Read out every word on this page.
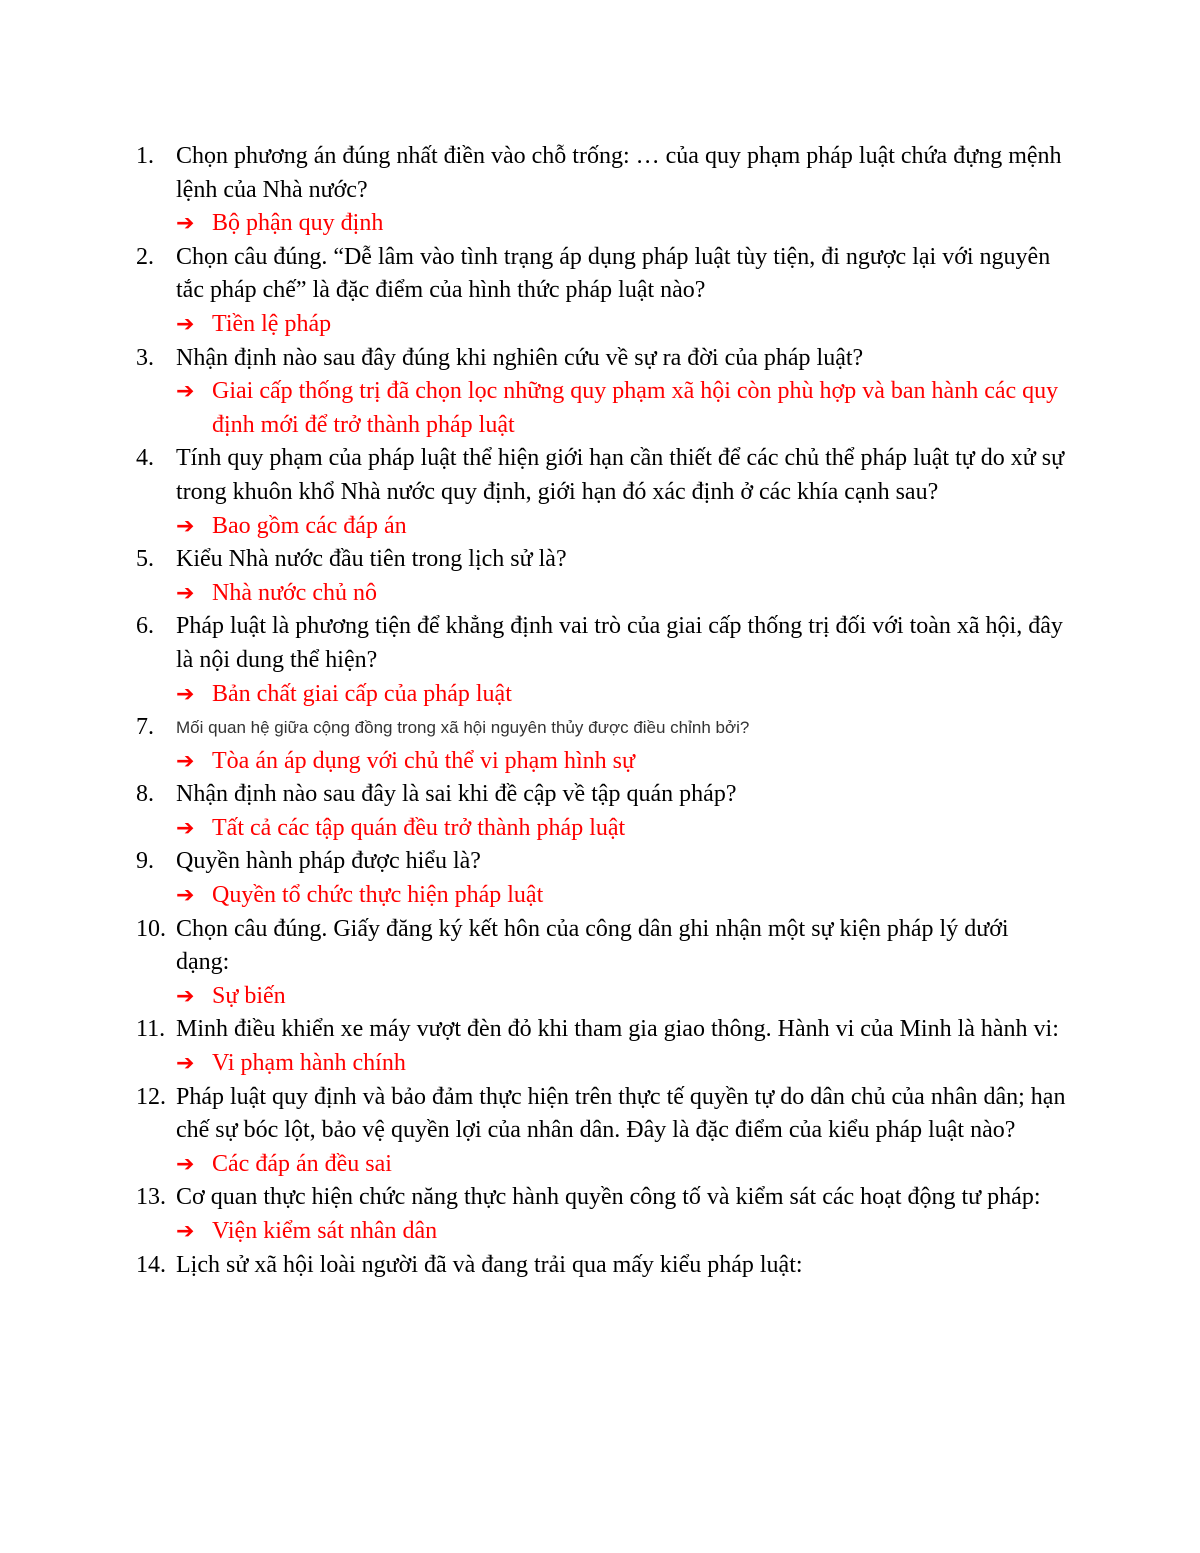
1. Chọn phương án đúng nhất điền vào chỗ trống: … của quy phạm pháp luật chứa đựng mệnh lệnh của Nhà nước?
➔ Bộ phận quy định
2. Chọn câu đúng. “Dễ lâm vào tình trạng áp dụng pháp luật tùy tiện, đi ngược lại với nguyên tắc pháp chế” là đặc điểm của hình thức pháp luật nào?
➔ Tiền lệ pháp
3. Nhận định nào sau đây đúng khi nghiên cứu về sự ra đời của pháp luật?
➔ Giai cấp thống trị đã chọn lọc những quy phạm xã hội còn phù hợp và ban hành các quy định mới để trở thành pháp luật
4. Tính quy phạm của pháp luật thể hiện giới hạn cần thiết để các chủ thể pháp luật tự do xử sự trong khuôn khổ Nhà nước quy định, giới hạn đó xác định ở các khía cạnh sau?
➔ Bao gồm các đáp án
5. Kiểu Nhà nước đầu tiên trong lịch sử là?
➔ Nhà nước chủ nô
6. Pháp luật là phương tiện để khẳng định vai trò của giai cấp thống trị đối với toàn xã hội, đây là nội dung thể hiện?
➔ Bản chất giai cấp của pháp luật
7.	Mối quan hệ giữa cộng đồng trong xã hội nguyên thủy được điều chỉnh bởi?
➔ Tòa án áp dụng với chủ thể vi phạm hình sự
8. Nhận định nào sau đây là sai khi đề cập về tập quán pháp?
➔ Tất cả các tập quán đều trở thành pháp luật
9. Quyền hành pháp được hiểu là?
➔ Quyền tổ chức thực hiện pháp luật
10. Chọn câu đúng. Giấy đăng ký kết hôn của công dân ghi nhận một sự kiện pháp lý dưới dạng:
➔ Sự biến
11. Minh điều khiển xe máy vượt đèn đỏ khi tham gia giao thông. Hành vi của Minh là hành vi:
➔ Vi phạm hành chính
12. Pháp luật quy định và bảo đảm thực hiện trên thực tế quyền tự do dân chủ của nhân dân; hạn chế sự bóc lột, bảo vệ quyền lợi của nhân dân. Đây là đặc điểm của kiểu pháp luật nào?
➔ Các đáp án đều sai
13. Cơ quan thực hiện chức năng thực hành quyền công tố và kiểm sát các hoạt động tư pháp:
➔ Viện kiểm sát nhân dân
14. Lịch sử xã hội loài người đã và đang trải qua mấy kiểu pháp luật:
